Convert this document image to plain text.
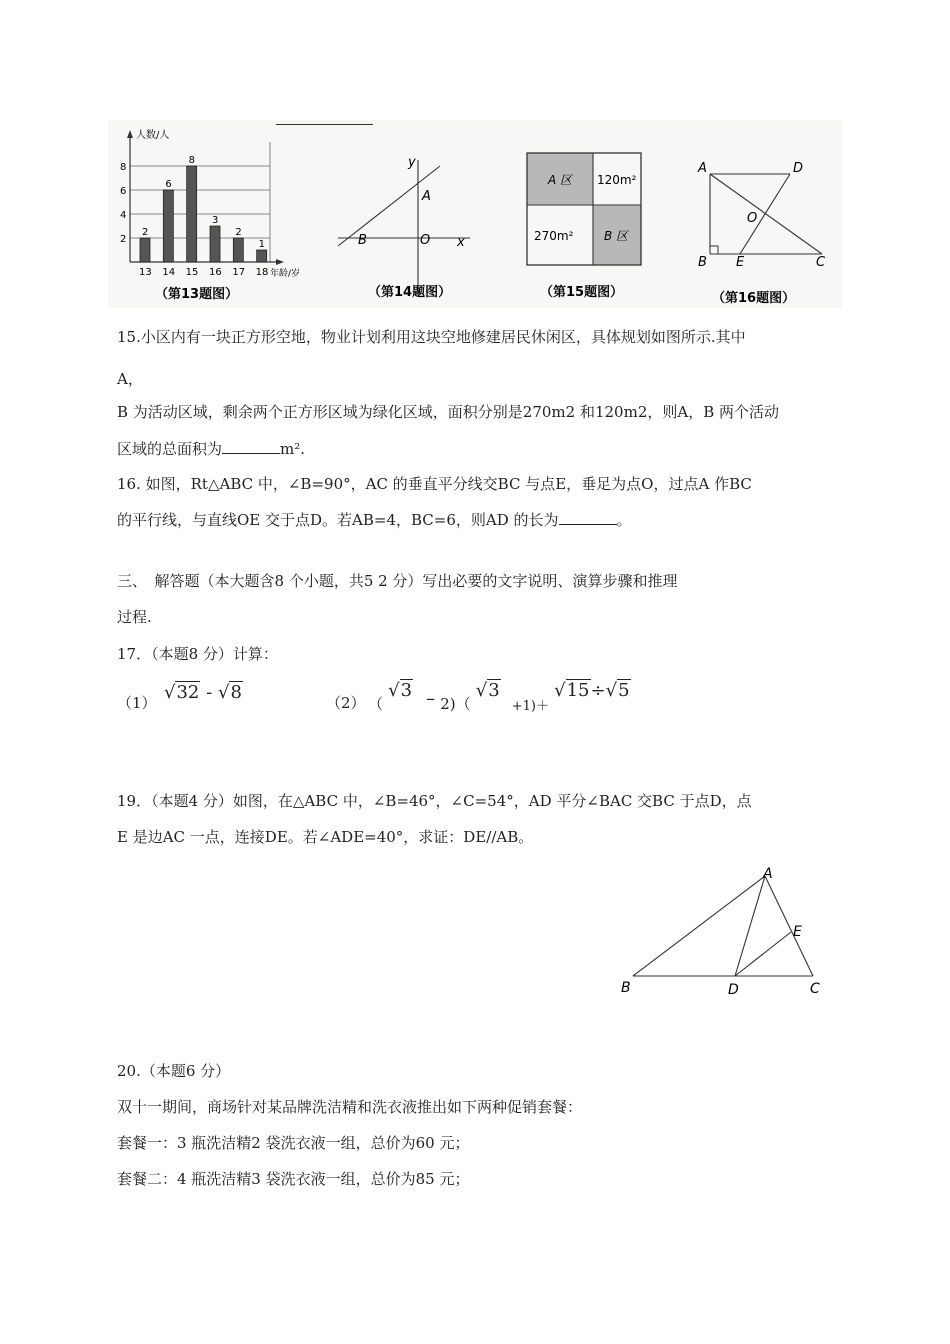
2
4
6
8
人数/人
年龄/岁
2
13
6
14
8
15
3
16
2
17
1
18
（第13题图）
y
x
A
B	O
（第14题图）
A 区 120m²
270m²	B 区
（第15题图）
A	D
O
B E	C
（第16题图）
15.小区内有一块正方形空地，物业计划利用这块空地修建居民休闲区，具体规划如图所示.其中
A，
B 为活动区域，剩余两个正方形区域为绿化区域，面积分别是270m2 和120m2，则A，B 两个活动
区域的总面积为	m².
16. 如图，Rt△ABC 中，∠B=90°，AC 的垂直平分线交BC 与点E，垂足为点O，过点A 作BC
的平行线，与直线OE 交于点D。若AB=4，BC=6，则AD 的长为	。
三、　解答题（本大题含8 个小题，共5 2 分）写出必要的文字说明、演算步骤和推理
过程.
17．（本题8 分）计算：
（1） √32 - √8	（2） （ √3 – 2)（ √3 $_{+1)+}$ √15÷√5
19．（本题4 分）如图，在△ABC 中，∠B=46°，∠C=54°，AD 平分∠BAC 交BC 于点D，点
E 是边AC 一点，连接DE。若∠ADE=40°，求证：DE//AB。
A
B	D	C
E
20.（本题6 分）
双十一期间，商场针对某品牌洗洁精和洗衣液推出如下两种促销套餐：
套餐一：3 瓶洗洁精2 袋洗衣液一组，总价为60 元；
套餐二：4 瓶洗洁精3 袋洗衣液一组，总价为85 元；
